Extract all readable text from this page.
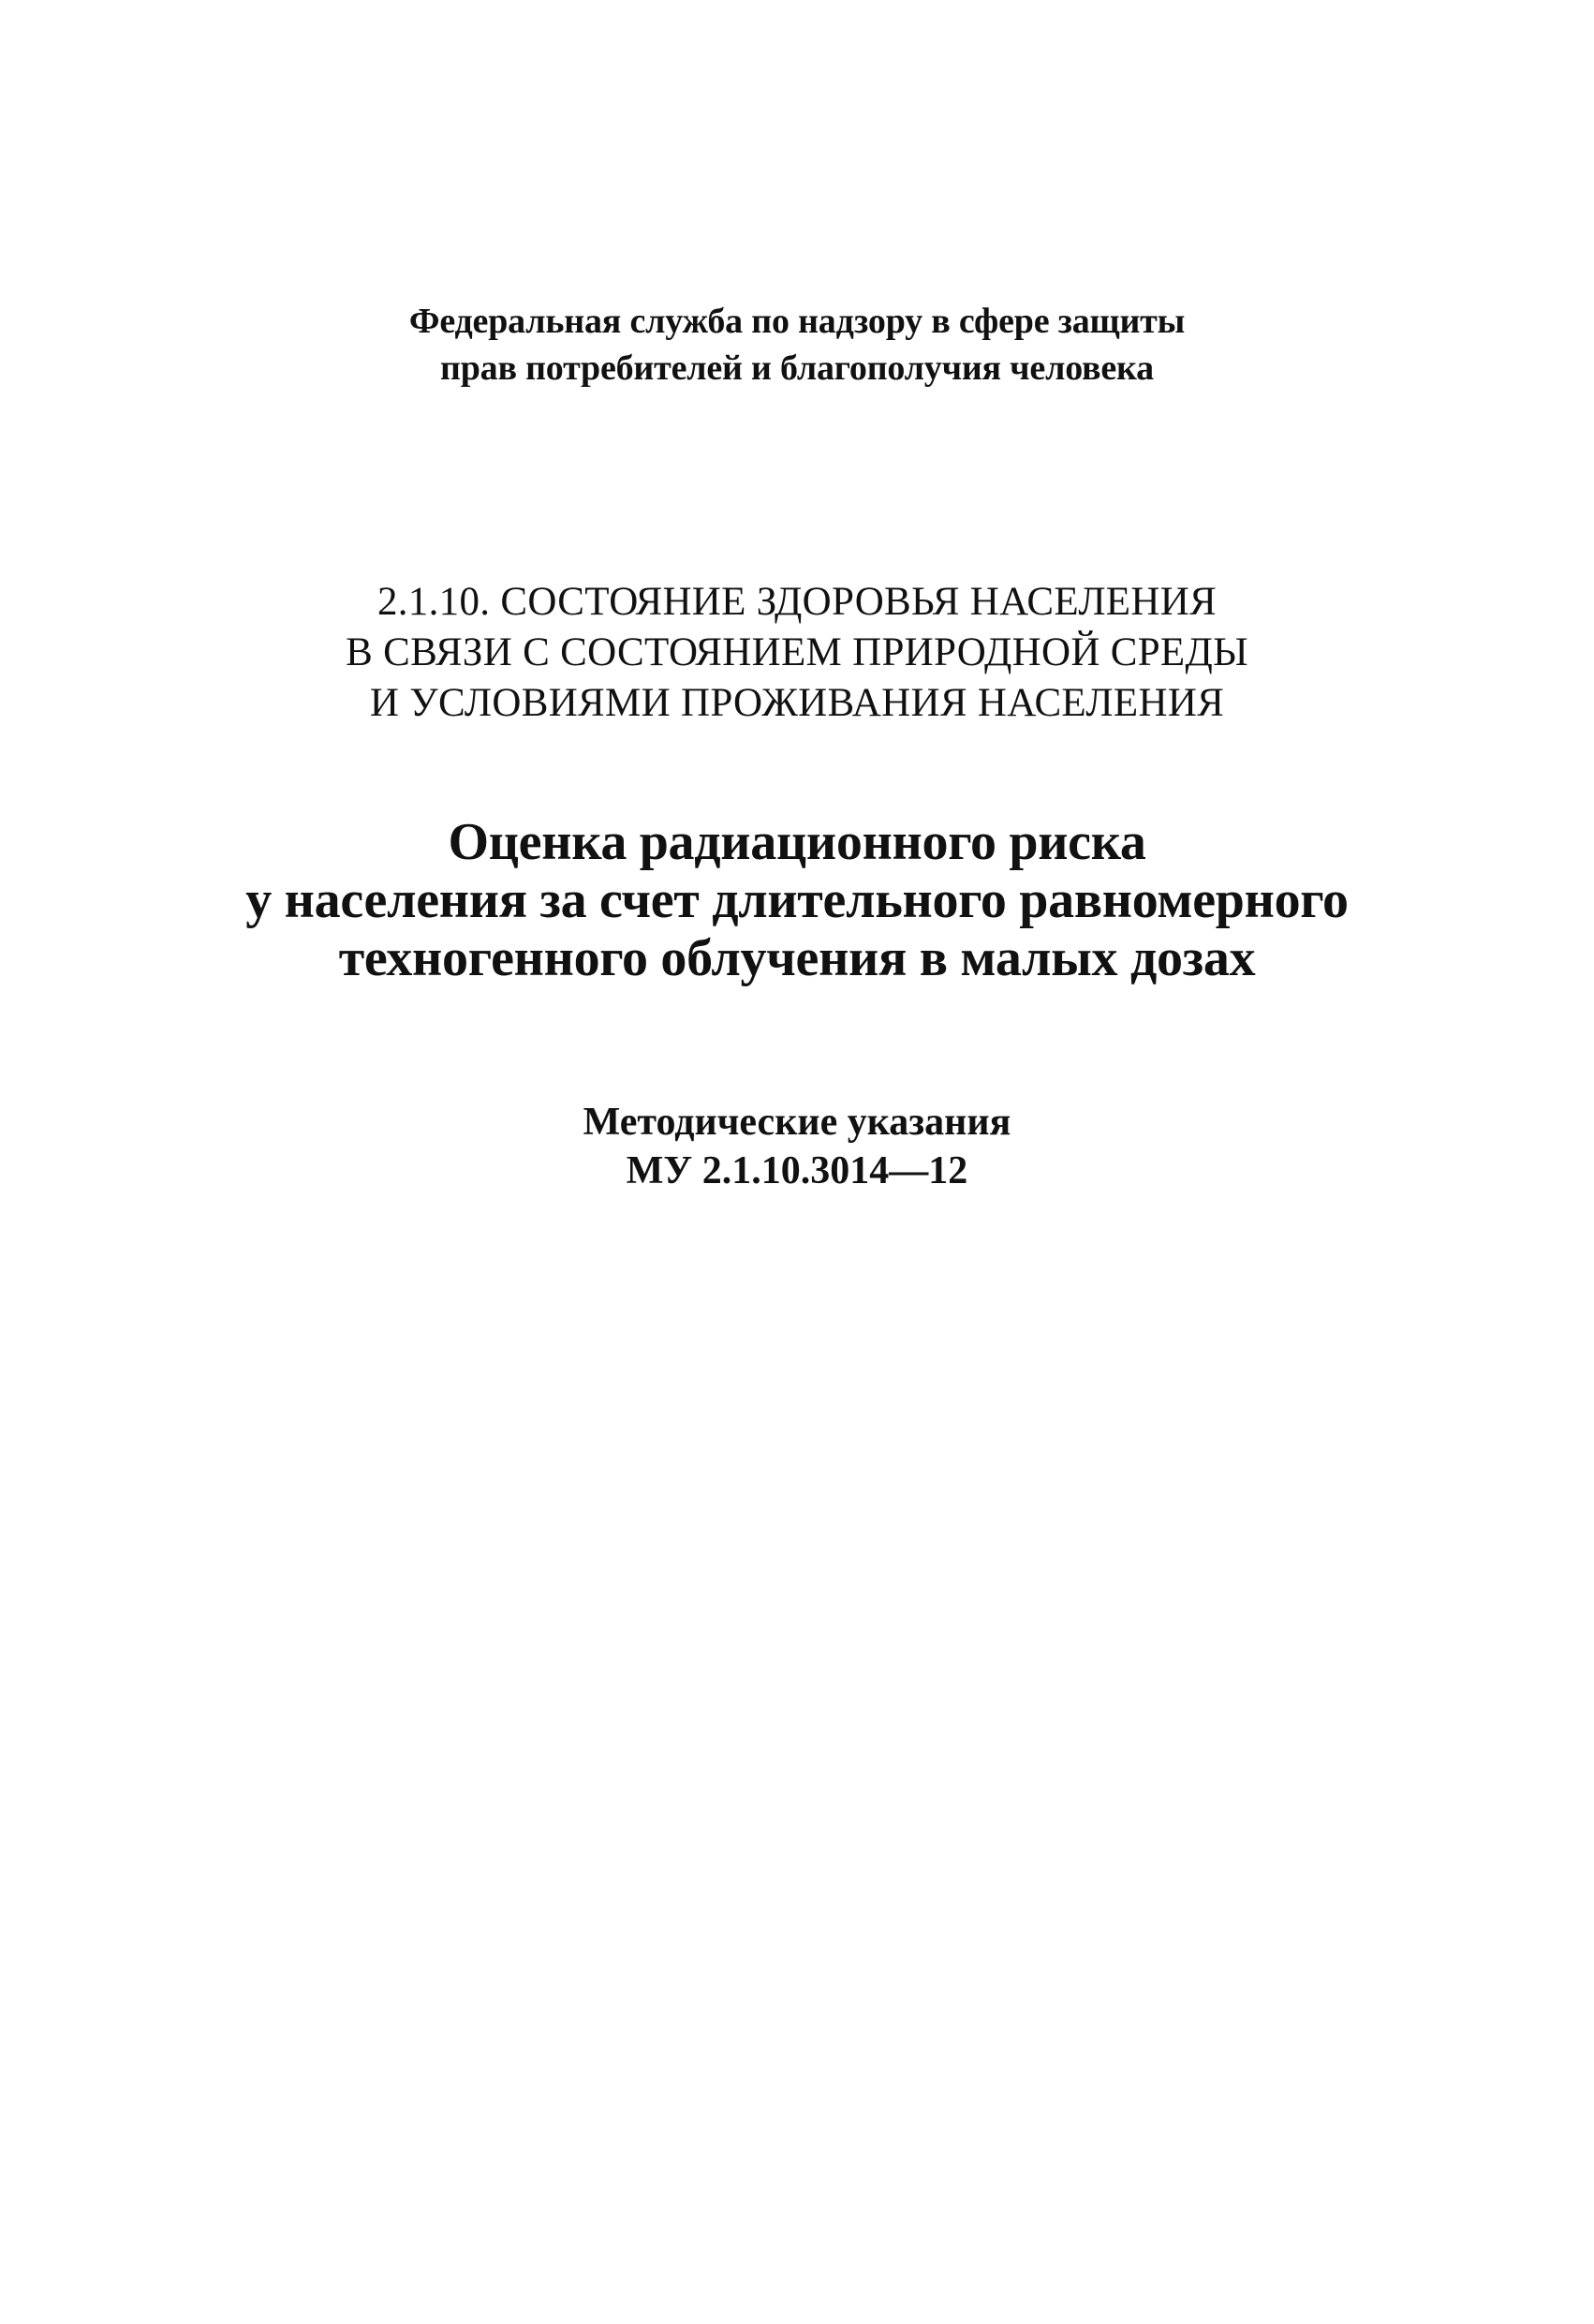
Федеральная служба по надзору в сфере защиты
прав потребителей и благополучия человека
2.1.10. СОСТОЯНИЕ ЗДОРОВЬЯ НАСЕЛЕНИЯ
В СВЯЗИ С СОСТОЯНИЕМ ПРИРОДНОЙ СРЕДЫ
И УСЛОВИЯМИ ПРОЖИВАНИЯ НАСЕЛЕНИЯ
Оценка радиационного риска
у населения за счет длительного равномерного
техногенного облучения в малых дозах
Методические указания
МУ 2.1.10.3014—12
